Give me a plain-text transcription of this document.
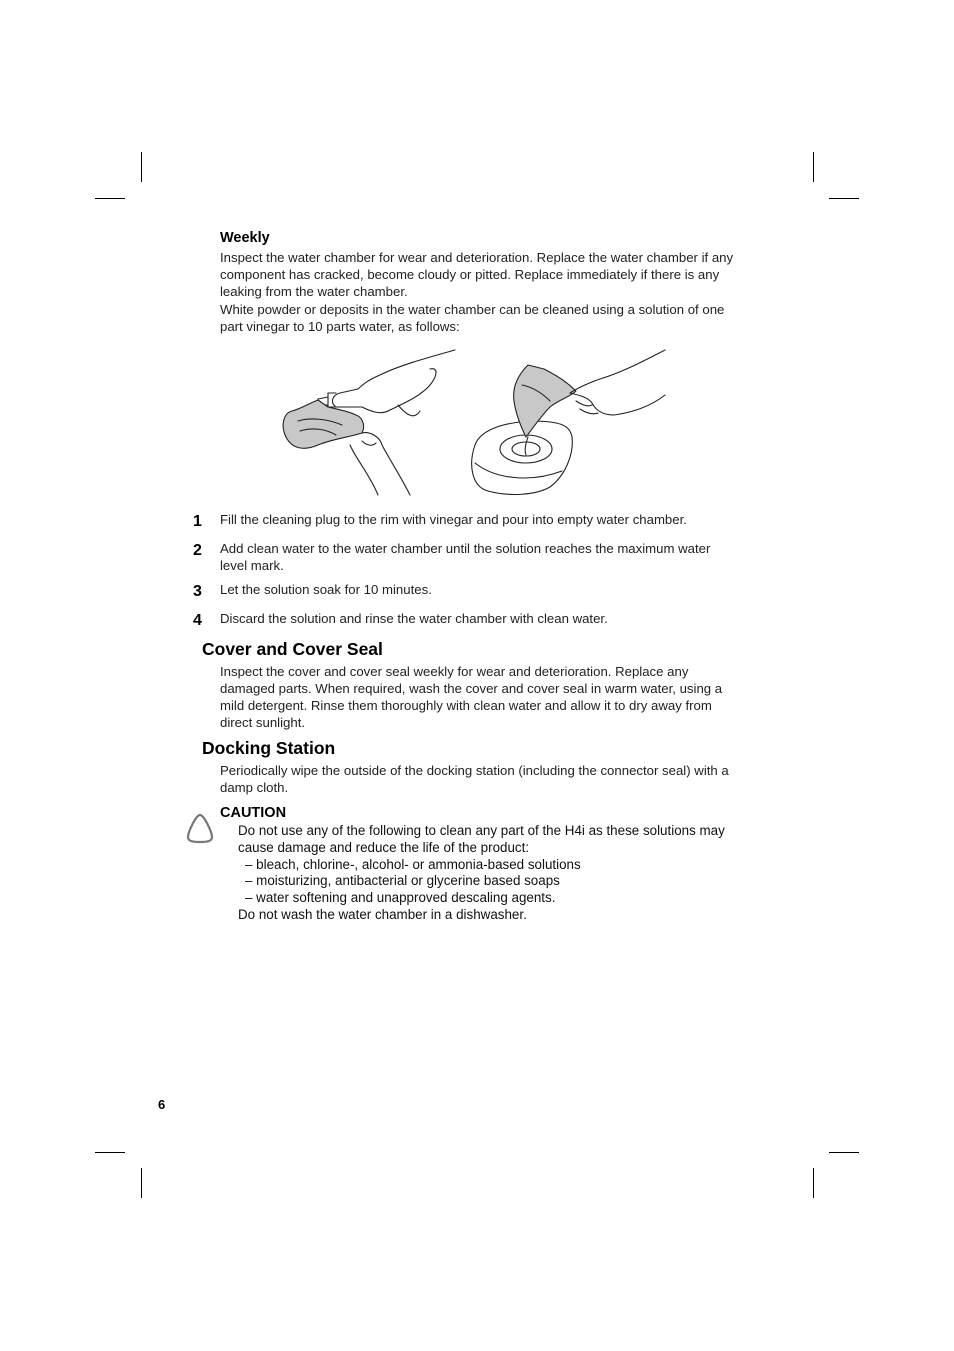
Weekly
Inspect the water chamber for wear and deterioration. Replace the water chamber if any component has cracked, become cloudy or pitted. Replace immediately if there is any leaking from the water chamber.
White powder or deposits in the water chamber can be cleaned using a solution of one part vinegar to 10 parts water, as follows:
1	Fill the cleaning plug to the rim with vinegar and pour into empty water chamber.
2	Add clean water to the water chamber until the solution reaches the maximum water level mark.
3	Let the solution soak for 10 minutes.
4	Discard the solution and rinse the water chamber with clean water.
Cover and Cover Seal
Inspect the cover and cover seal weekly for wear and deterioration. Replace any damaged parts. When required, wash the cover and cover seal in warm water, using a mild detergent. Rinse them thoroughly with clean water and allow it to dry away from direct sunlight.
Docking Station
Periodically wipe the outside of the docking station (including the connector seal) with a damp cloth.
CAUTION
Do not use any of the following to clean any part of the H4i as these solutions may cause damage and reduce the life of the product:
– bleach, chlorine-, alcohol- or ammonia-based solutions
– moisturizing, antibacterial or glycerine based soaps
– water softening and unapproved descaling agents.
Do not wash the water chamber in a dishwasher.
6
